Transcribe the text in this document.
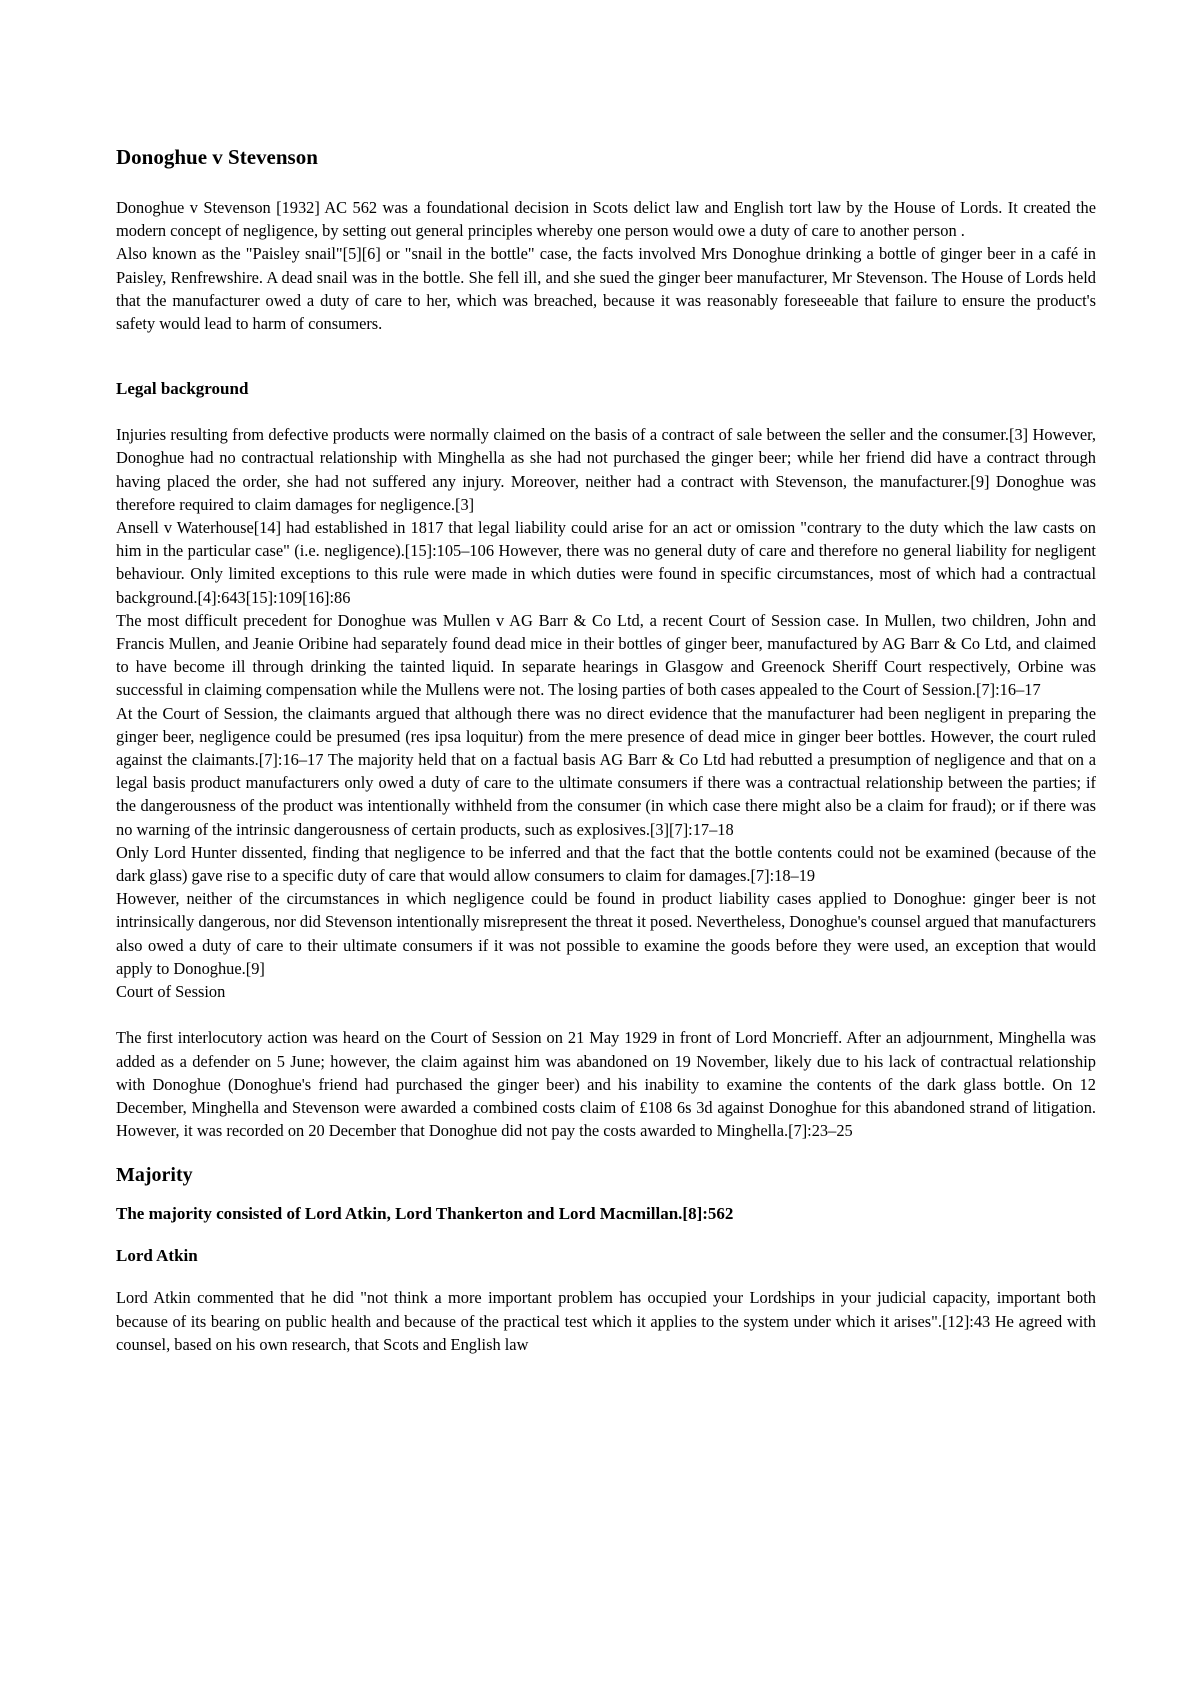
Donoghue v Stevenson

Donoghue v Stevenson [1932] AC 562 was a foundational decision in Scots delict law and English tort law by the House of Lords. It created the modern concept of negligence, by setting out general principles whereby one person would owe a duty of care to another person .

Also known as the "Paisley snail"[5][6] or "snail in the bottle" case, the facts involved Mrs Donoghue drinking a bottle of ginger beer in a café in Paisley, Renfrewshire. A dead snail was in the bottle. She fell ill, and she sued the ginger beer manufacturer, Mr Stevenson. The House of Lords held that the manufacturer owed a duty of care to her, which was breached, because it was reasonably foreseeable that failure to ensure the product's safety would lead to harm of consumers.

Legal background

Injuries resulting from defective products were normally claimed on the basis of a contract of sale between the seller and the consumer.[3] However, Donoghue had no contractual relationship with Minghella as she had not purchased the ginger beer; while her friend did have a contract through having placed the order, she had not suffered any injury. Moreover, neither had a contract with Stevenson, the manufacturer.[9] Donoghue was therefore required to claim damages for negligence.[3]

Ansell v Waterhouse[14] had established in 1817 that legal liability could arise for an act or omission "contrary to the duty which the law casts on him in the particular case" (i.e. negligence).[15]:105–106 However, there was no general duty of care and therefore no general liability for negligent behaviour. Only limited exceptions to this rule were made in which duties were found in specific circumstances, most of which had a contractual background.[4]:643[15]:109[16]:86

The most difficult precedent for Donoghue was Mullen v AG Barr & Co Ltd, a recent Court of Session case. In Mullen, two children, John and Francis Mullen, and Jeanie Oribine had separately found dead mice in their bottles of ginger beer, manufactured by AG Barr & Co Ltd, and claimed to have become ill through drinking the tainted liquid. In separate hearings in Glasgow and Greenock Sheriff Court respectively, Orbine was successful in claiming compensation while the Mullens were not. The losing parties of both cases appealed to the Court of Session.[7]:16–17

At the Court of Session, the claimants argued that although there was no direct evidence that the manufacturer had been negligent in preparing the ginger beer, negligence could be presumed (res ipsa loquitur) from the mere presence of dead mice in ginger beer bottles. However, the court ruled against the claimants.[7]:16–17 The majority held that on a factual basis AG Barr & Co Ltd had rebutted a presumption of negligence and that on a legal basis product manufacturers only owed a duty of care to the ultimate consumers if there was a contractual relationship between the parties; if the dangerousness of the product was intentionally withheld from the consumer (in which case there might also be a claim for fraud); or if there was no warning of the intrinsic dangerousness of certain products, such as explosives.[3][7]:17–18

Only Lord Hunter dissented, finding that negligence to be inferred and that the fact that the bottle contents could not be examined (because of the dark glass) gave rise to a specific duty of care that would allow consumers to claim for damages.[7]:18–19

However, neither of the circumstances in which negligence could be found in product liability cases applied to Donoghue: ginger beer is not intrinsically dangerous, nor did Stevenson intentionally misrepresent the threat it posed. Nevertheless, Donoghue's counsel argued that manufacturers also owed a duty of care to their ultimate consumers if it was not possible to examine the goods before they were used, an exception that would apply to Donoghue.[9]

Court of Session

The first interlocutory action was heard on the Court of Session on 21 May 1929 in front of Lord Moncrieff. After an adjournment, Minghella was added as a defender on 5 June; however, the claim against him was abandoned on 19 November, likely due to his lack of contractual relationship with Donoghue (Donoghue's friend had purchased the ginger beer) and his inability to examine the contents of the dark glass bottle. On 12 December, Minghella and Stevenson were awarded a combined costs claim of £108 6s 3d against Donoghue for this abandoned strand of litigation. However, it was recorded on 20 December that Donoghue did not pay the costs awarded to Minghella.[7]:23–25

Majority
The majority consisted of Lord Atkin, Lord Thankerton and Lord Macmillan.[8]:562
Lord Atkin

Lord Atkin commented that he did "not think a more important problem has occupied your Lordships in your judicial capacity, important both because of its bearing on public health and because of the practical test which it applies to the system under which it arises".[12]:43 He agreed with counsel, based on his own research, that Scots and English law
